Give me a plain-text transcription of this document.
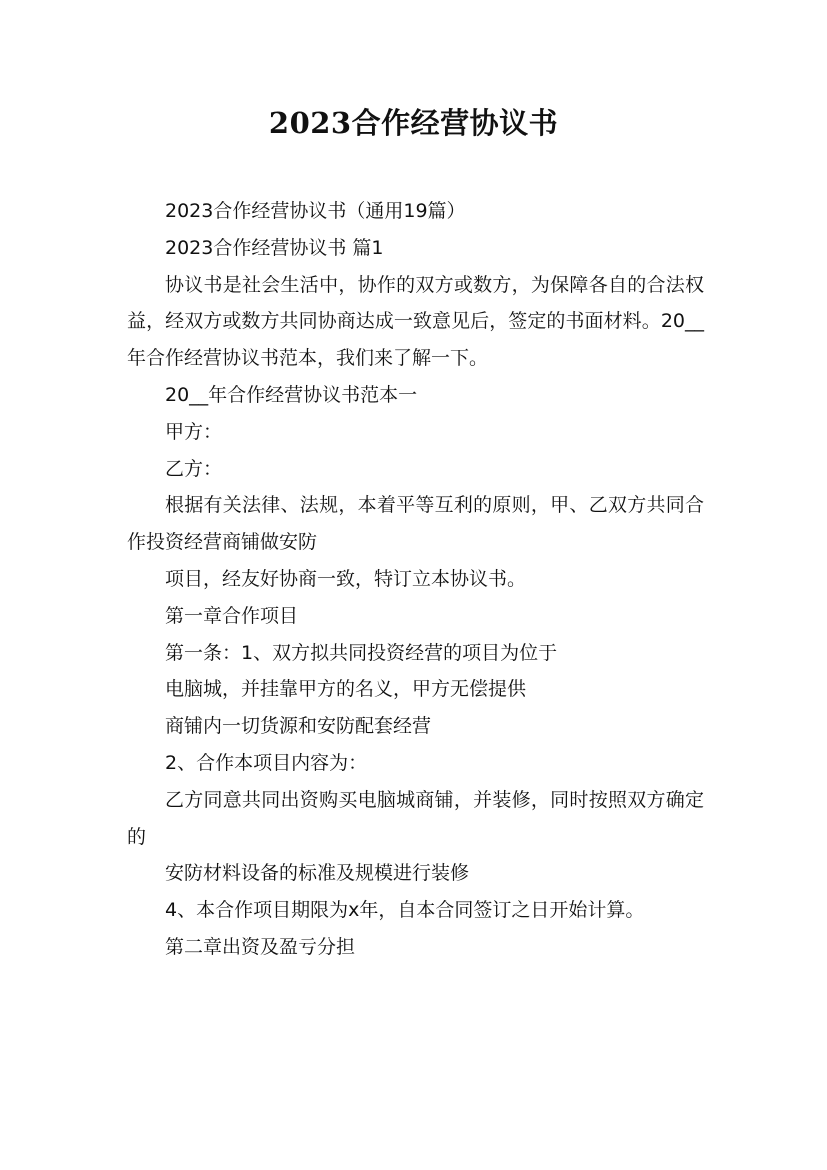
2023合作经营协议书

2023合作经营协议书（通用19篇）

2023合作经营协议书 篇1

协议书是社会生活中，协作的双方或数方，为保障各自的合法权益，经双方或数方共同协商达成一致意见后，签定的书面材料。20__年合作经营协议书范本，我们来了解一下。

20__年合作经营协议书范本一

甲方：

乙方：

根据有关法律、法规，本着平等互利的原则，甲、乙双方共同合作投资经营商铺做安防

项目，经友好协商一致，特订立本协议书。

第一章合作项目

第一条：1、双方拟共同投资经营的项目为位于

电脑城，并挂靠甲方的名义，甲方无偿提供

商铺内一切货源和安防配套经营

2、合作本项目内容为：

乙方同意共同出资购买电脑城商铺，并装修，同时按照双方确定的

安防材料设备的标准及规模进行装修

4、本合作项目期限为x年，自本合同签订之日开始计算。

第二章出资及盈亏分担
